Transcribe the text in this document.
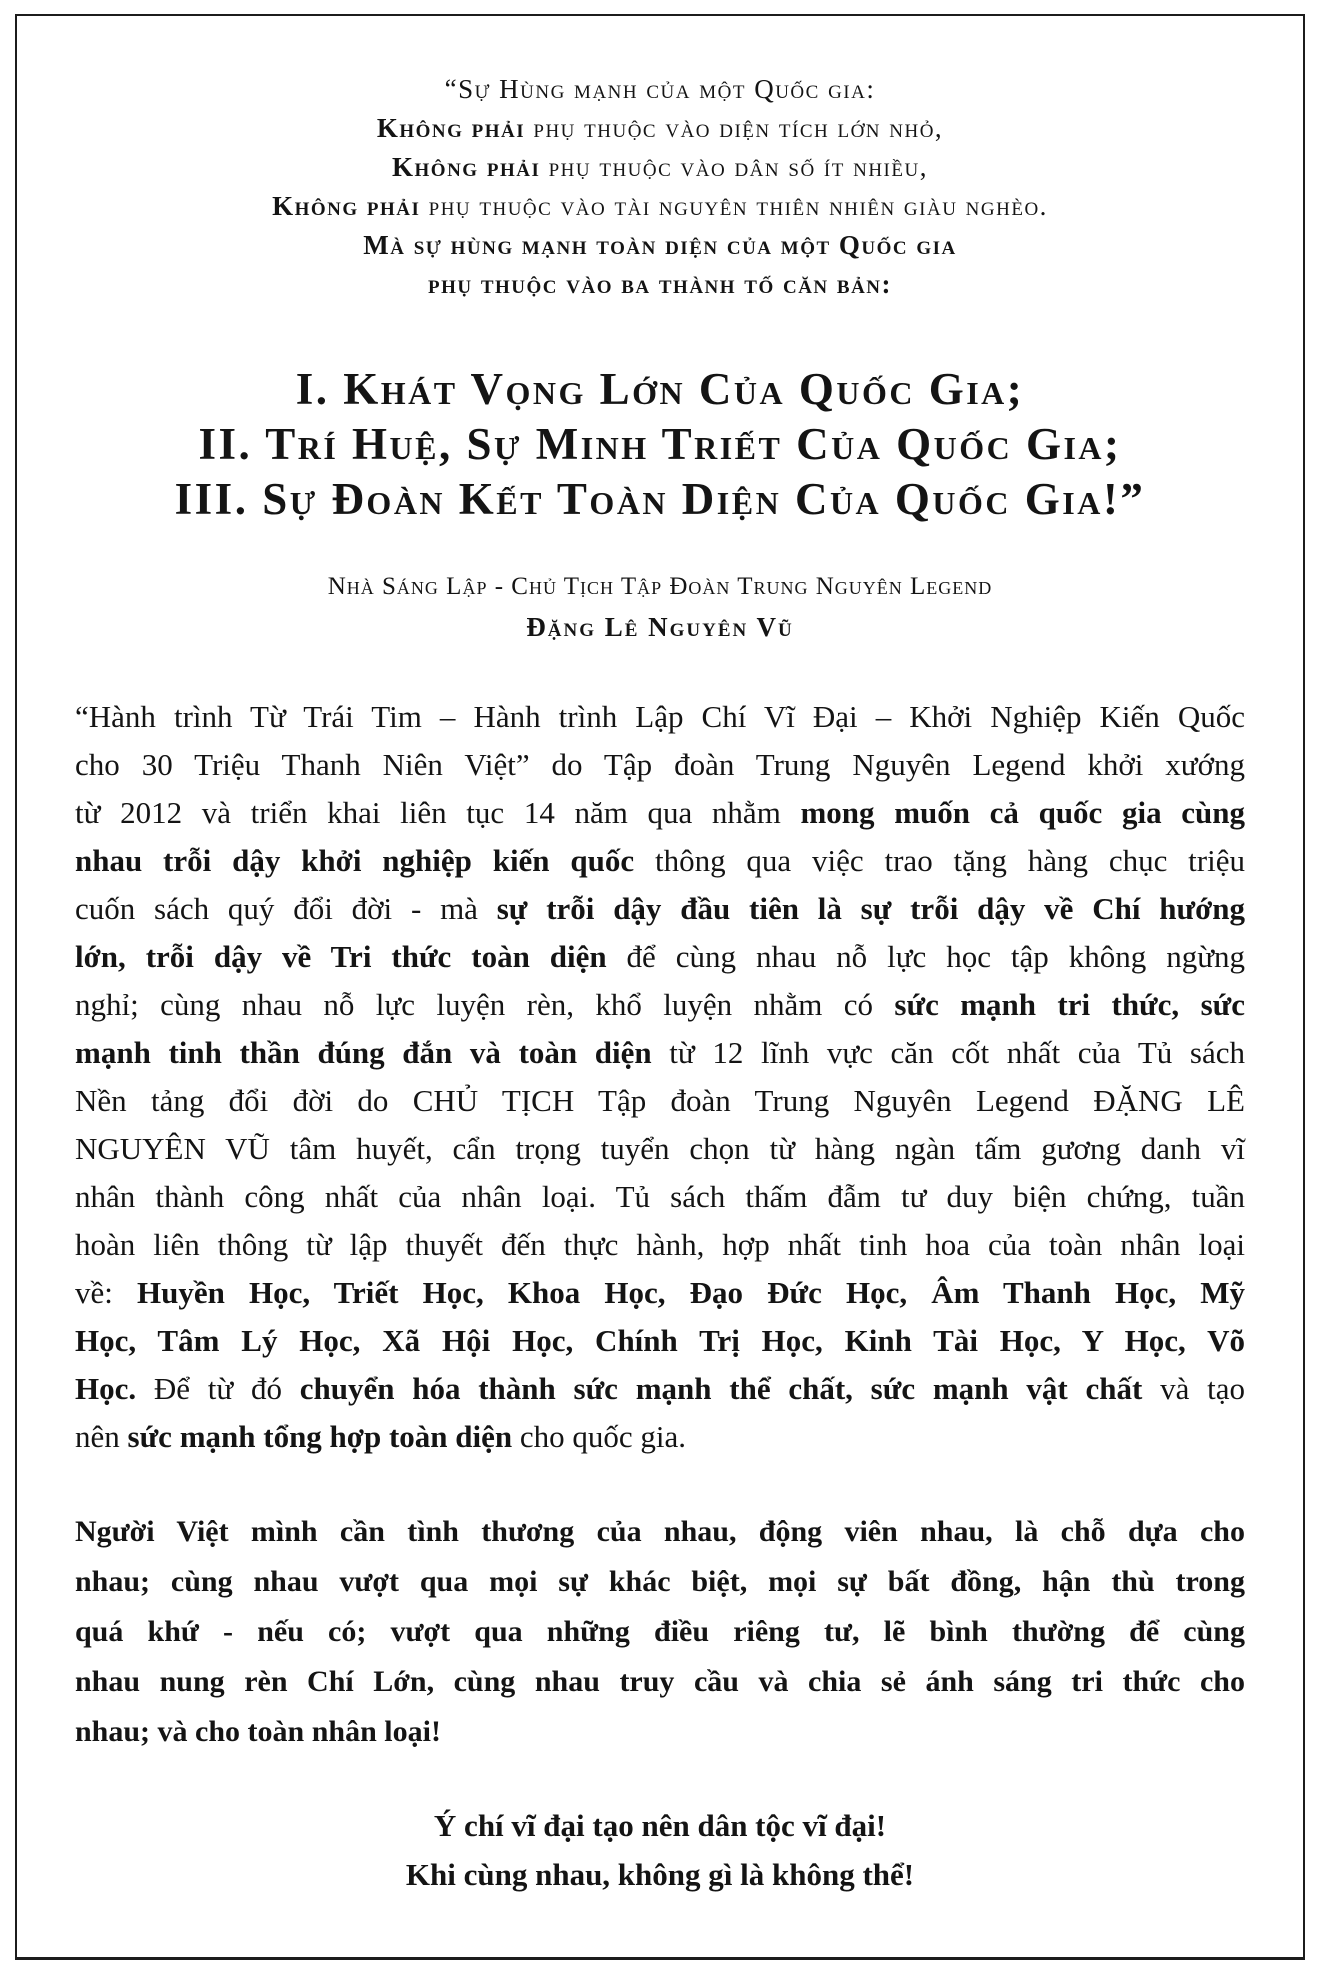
“Sự Hùng mạnh của một Quốc gia:
Không phải phụ thuộc vào diện tích lớn nhỏ,
Không phải phụ thuộc vào dân số ít nhiều,
Không phải phụ thuộc vào tài nguyên thiên nhiên giàu nghèo.
Mà sự hùng mạnh toàn diện của một Quốc gia
phụ thuộc vào ba thành tố căn bản:
I. Khát Vọng Lớn Của Quốc Gia;
II. Trí Huệ, Sự Minh Triết Của Quốc Gia;
III. Sự Đoàn Kết Toàn Diện Của Quốc Gia!”
Nhà Sáng Lập - Chủ Tịch Tập Đoàn Trung Nguyên Legend
Đặng Lê Nguyên Vũ
“Hành trình Từ Trái Tim – Hành trình Lập Chí Vĩ Đại – Khởi Nghiệp Kiến Quốc
cho 30 Triệu Thanh Niên Việt” do Tập đoàn Trung Nguyên Legend khởi xướng
từ 2012 và triển khai liên tục 14 năm qua nhằm mong muốn cả quốc gia cùng
nhau trỗi dậy khởi nghiệp kiến quốc thông qua việc trao tặng hàng chục triệu
cuốn sách quý đổi đời - mà sự trỗi dậy đầu tiên là sự trỗi dậy về Chí hướng
lớn, trỗi dậy về Tri thức toàn diện để cùng nhau nỗ lực học tập không ngừng
nghỉ; cùng nhau nỗ lực luyện rèn, khổ luyện nhằm có sức mạnh tri thức, sức
mạnh tinh thần đúng đắn và toàn diện từ 12 lĩnh vực căn cốt nhất của Tủ sách
Nền tảng đổi đời do CHỦ TỊCH Tập đoàn Trung Nguyên Legend ĐẶNG LÊ
NGUYÊN VŨ tâm huyết, cẩn trọng tuyển chọn từ hàng ngàn tấm gương danh vĩ
nhân thành công nhất của nhân loại. Tủ sách thấm đẫm tư duy biện chứng, tuần
hoàn liên thông từ lập thuyết đến thực hành, hợp nhất tinh hoa của toàn nhân loại
về: Huyền Học, Triết Học, Khoa Học, Đạo Đức Học, Âm Thanh Học, Mỹ
Học, Tâm Lý Học, Xã Hội Học, Chính Trị Học, Kinh Tài Học, Y Học, Võ
Học. Để từ đó chuyển hóa thành sức mạnh thể chất, sức mạnh vật chất và tạo
nên sức mạnh tổng hợp toàn diện cho quốc gia.
Người Việt mình cần tình thương của nhau, động viên nhau, là chỗ dựa cho
nhau; cùng nhau vượt qua mọi sự khác biệt, mọi sự bất đồng, hận thù trong
quá khứ - nếu có; vượt qua những điều riêng tư, lẽ bình thường để cùng
nhau nung rèn Chí Lớn, cùng nhau truy cầu và chia sẻ ánh sáng tri thức cho
nhau; và cho toàn nhân loại!
Ý chí vĩ đại tạo nên dân tộc vĩ đại!
Khi cùng nhau, không gì là không thể!
